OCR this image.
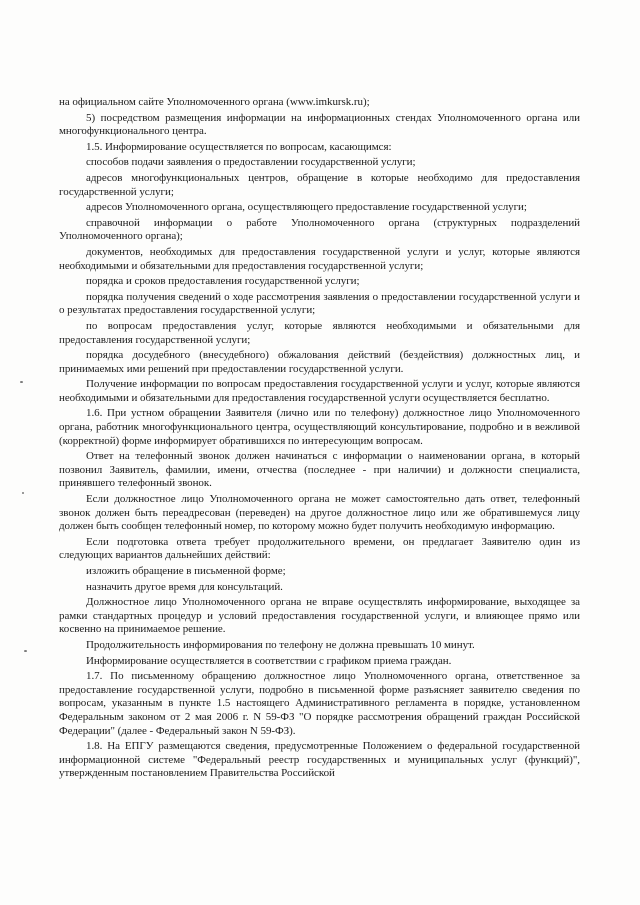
на официальном сайте Уполномоченного органа (www.imkursk.ru);

5) посредством размещения информации на информационных стендах Уполномоченного органа или многофункционального центра.

1.5. Информирование осуществляется по вопросам, касающимся:

способов подачи заявления о предоставлении государственной услуги;

адресов многофункциональных центров, обращение в которые необходимо для предоставления государственной услуги;

адресов Уполномоченного органа, осуществляющего предоставление государственной услуги;

справочной информации о работе Уполномоченного органа (структурных подразделений Уполномоченного органа);

документов, необходимых для предоставления государственной услуги и услуг, которые являются необходимыми и обязательными для предоставления государственной услуги;

порядка и сроков предоставления государственной услуги;

порядка получения сведений о ходе рассмотрения заявления о предоставлении государственной услуги и о результатах предоставления государственной услуги;

по вопросам предоставления услуг, которые являются необходимыми и обязательными для предоставления государственной услуги;

порядка досудебного (внесудебного) обжалования действий (бездействия) должностных лиц, и принимаемых ими решений при предоставлении государственной услуги.

Получение информации по вопросам предоставления государственной услуги и услуг, которые являются необходимыми и обязательными для предоставления государственной услуги осуществляется бесплатно.

1.6. При устном обращении Заявителя (лично или по телефону) должностное лицо Уполномоченного органа, работник многофункционального центра, осуществляющий консультирование, подробно и в вежливой (корректной) форме информирует обратившихся по интересующим вопросам.

Ответ на телефонный звонок должен начинаться с информации о наименовании органа, в который позвонил Заявитель, фамилии, имени, отчества (последнее - при наличии) и должности специалиста, принявшего телефонный звонок.

Если должностное лицо Уполномоченного органа не может самостоятельно дать ответ, телефонный звонок должен быть переадресован (переведен) на другое должностное лицо или же обратившемуся лицу должен быть сообщен телефонный номер, по которому можно будет получить необходимую информацию.

Если подготовка ответа требует продолжительного времени, он предлагает Заявителю один из следующих вариантов дальнейших действий:

изложить обращение в письменной форме;

назначить другое время для консультаций.

Должностное лицо Уполномоченного органа не вправе осуществлять информирование, выходящее за рамки стандартных процедур и условий предоставления государственной услуги, и влияющее прямо или косвенно на принимаемое решение.

Продолжительность информирования по телефону не должна превышать 10 минут.

Информирование осуществляется в соответствии с графиком приема граждан.

1.7. По письменному обращению должностное лицо Уполномоченного органа, ответственное за предоставление государственной услуги, подробно в письменной форме разъясняет заявителю сведения по вопросам, указанным в пункте 1.5 настоящего Административного регламента в порядке, установленном Федеральным законом от 2 мая 2006 г. N 59-ФЗ "О порядке рассмотрения обращений граждан Российской Федерации" (далее - Федеральный закон N 59-ФЗ).

1.8. На ЕПГУ размещаются сведения, предусмотренные Положением о федеральной государственной информационной системе "Федеральный реестр государственных и муниципальных услуг (функций)", утвержденным постановлением Правительства Российской
